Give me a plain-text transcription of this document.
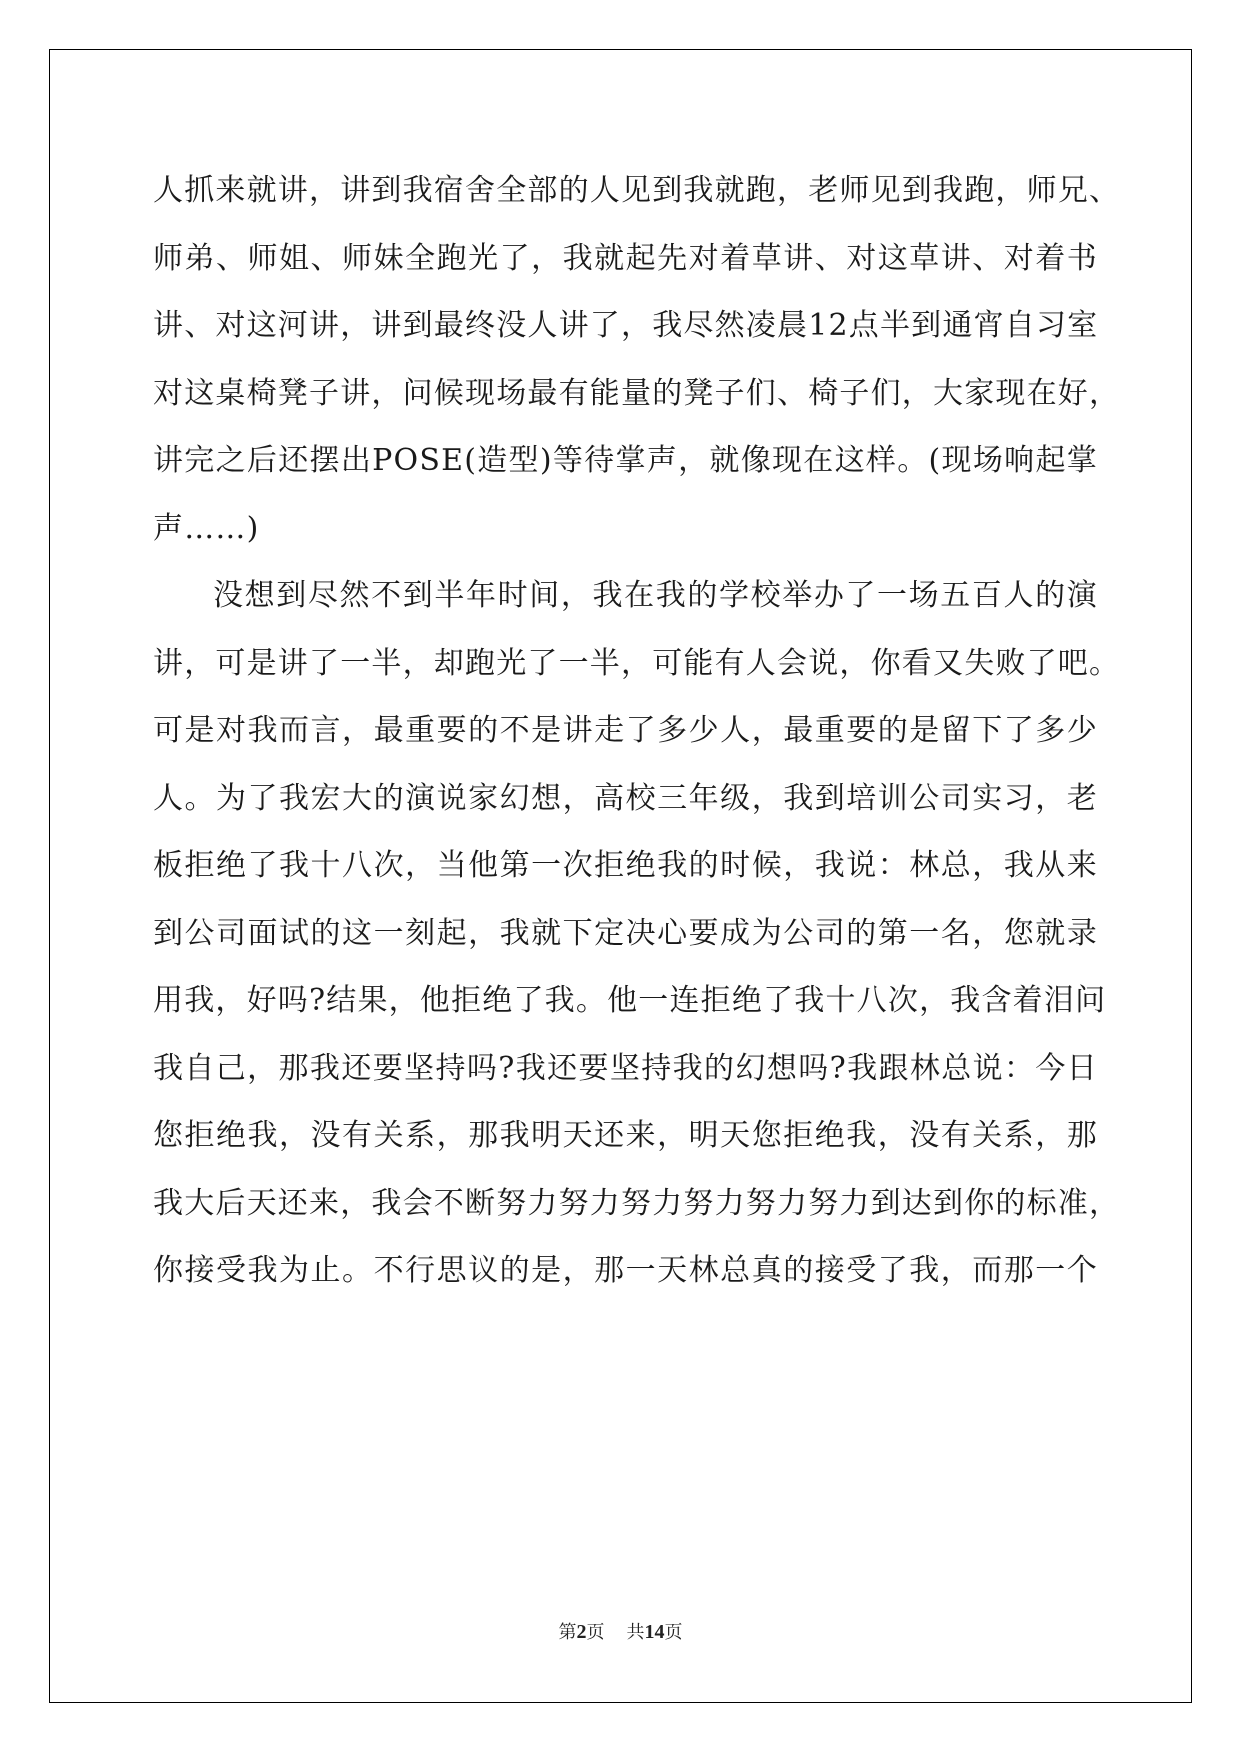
人抓来就讲，讲到我宿舍全部的人见到我就跑，老师见到我跑，师兄、
师弟、师姐、师妹全跑光了，我就起先对着草讲、对这草讲、对着书
讲、对这河讲，讲到最终没人讲了，我尽然凌晨12点半到通宵自习室
对这桌椅凳子讲，问候现场最有能量的凳子们、椅子们，大家现在好，
讲完之后还摆出POSE(造型)等待掌声，就像现在这样。(现场响起掌
声……)
没想到尽然不到半年时间，我在我的学校举办了一场五百人的演
讲，可是讲了一半，却跑光了一半，可能有人会说，你看又失败了吧。
可是对我而言，最重要的不是讲走了多少人，最重要的是留下了多少
人。为了我宏大的演说家幻想，高校三年级，我到培训公司实习，老
板拒绝了我十八次，当他第一次拒绝我的时候，我说：林总，我从来
到公司面试的这一刻起，我就下定决心要成为公司的第一名，您就录
用我，好吗?结果，他拒绝了我。他一连拒绝了我十八次，我含着泪问
我自己，那我还要坚持吗?我还要坚持我的幻想吗?我跟林总说：今日
您拒绝我，没有关系，那我明天还来，明天您拒绝我，没有关系，那
我大后天还来，我会不断努力努力努力努力努力努力到达到你的标准，
你接受我为止。不行思议的是，那一天林总真的接受了我，而那一个
第2页 共14页
